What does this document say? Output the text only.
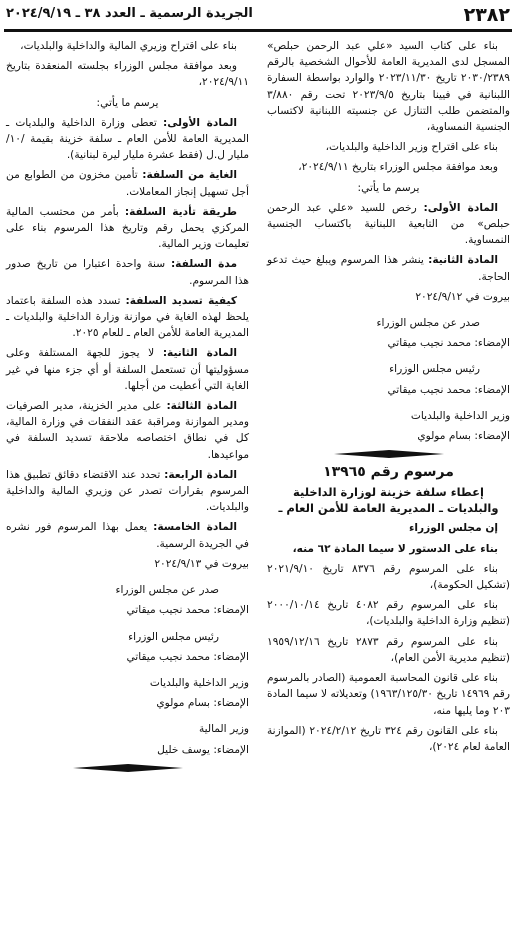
٢٣٨٢
الجريدة الرسمية ـ العدد ٣٨ ـ ٢٠٢٤/٩/١٩

بناء على كتاب السيد «علي عبد الرحمن حبلص» المسجل لدى المديرية العامة للأحوال الشخصية بالرقم ٢٠٣٠/٢٣٨٩ تاريخ ٢٠٢٣/١١/٣٠ والوارد بواسطة السفارة اللبنانية في فيينا بتاريخ ٢٠٢٣/٩/٥ تحت رقم ٣/٨٨٠ والمتضمن طلب التنازل عن جنسيته اللبنانية لاكتساب الجنسية النمساوية،

بناء على اقتراح وزير الداخلية والبلديات،

وبعد موافقة مجلس الوزراء بتاريخ ٢٠٢٤/٩/١١،

يرسم ما يأتي:

المادة الأولى: رخص للسيد «علي عبد الرحمن حبلص» من التابعية اللبنانية باكتساب الجنسية النمساوية.

المادة الثانية: ينشر هذا المرسوم ويبلغ حيث تدعو الحاجة.

بيروت في ٢٠٢٤/٩/١٢

صدر عن مجلس الوزراء

الإمضاء: محمد نجيب ميقاتي

رئيس مجلس الوزراء

الإمضاء: محمد نجيب ميقاتي

وزير الداخلية والبلديات

الإمضاء: بسام مولوي

مرسوم رقم ١٣٩٦٥

إعطاء سلفة خزينة لوزارة الداخلية والبلديات ـ المديرية العامة للأمن العام ـ

إن مجلس الوزراء

بناء على الدستور لا سيما المادة ٦٢ منه،

بناء على المرسوم رقم ٨٣٧٦ تاريخ ٢٠٢١/٩/١٠ (تشكيل الحكومة)،

بناء على المرسوم رقم ٤٠٨٢ تاريخ ٢٠٠٠/١٠/١٤ (تنظيم وزارة الداخلية والبلديات)،

بناء على المرسوم رقم ٢٨٧٣ تاريخ ١٩٥٩/١٢/١٦ (تنظيم مديرية الأمن العام)،

بناء على قانون المحاسبة العمومية (الصادر بالمرسوم رقم ١٤٩٦٩ تاريخ ١٩٦٣/١٢٥/٣٠) وتعديلاته لا سيما المادة ٢٠٣ وما يليها منه،

بناء على القانون رقم ٣٢٤ تاريخ ٢٠٢٤/٢/١٢ (الموازنة العامة لعام ٢٠٢٤)،

بناء على اقتراح وزيري المالية والداخلية والبلديات،

وبعد موافقة مجلس الوزراء بجلسته المنعقدة بتاريخ ٢٠٢٤/٩/١١،

يرسم ما يأتي:

المادة الأولى: تعطى وزارة الداخلية والبلديات ـ المديرية العامة للأمن العام ـ سلفة خزينة بقيمة /١٠/ مليار ل.ل (فقط عشرة مليار ليرة لبنانية).

الغاية من السلفة: تأمين مخزون من الطوابع من أجل تسهيل إنجاز المعاملات.

طريقة تأدية السلفة: بأمر من محتسب المالية المركزي يحمل رقم وتاريخ هذا المرسوم بناء على تعليمات وزير المالية.

مدة السلفة: سنة واحدة اعتبارا من تاريخ صدور هذا المرسوم.

كيفية تسديد السلفة: تسدد هذه السلفة باعتماد يلحظ لهذه الغاية في موازنة وزارة الداخلية والبلديات ـ المديرية العامة للأمن العام ـ للعام ٢٠٢٥.

المادة الثانية: لا يجوز للجهة المستلفة وعلى مسؤوليتها أن تستعمل السلفة أو أي جزء منها في غير الغاية التي أعطيت من أجلها.

المادة الثالثة: على مدير الخزينة، مدير الصرفيات ومدير الموازنة ومراقبة عقد النفقات في وزارة المالية، كل في نطاق اختصاصه ملاحقة تسديد السلفة في مواعيدها.

المادة الرابعة: تحدد عند الاقتضاء دقائق تطبيق هذا المرسوم بقرارات تصدر عن وزيري المالية والداخلية والبلديات.

المادة الخامسة: يعمل بهذا المرسوم فور نشره في الجريدة الرسمية.

بيروت في ٢٠٢٤/٩/١٣

صدر عن مجلس الوزراء

الإمضاء: محمد نجيب ميقاتي

رئيس مجلس الوزراء

الإمضاء: محمد نجيب ميقاتي

وزير الداخلية والبلديات

الإمضاء: بسام مولوي

وزير المالية

الإمضاء: يوسف خليل
